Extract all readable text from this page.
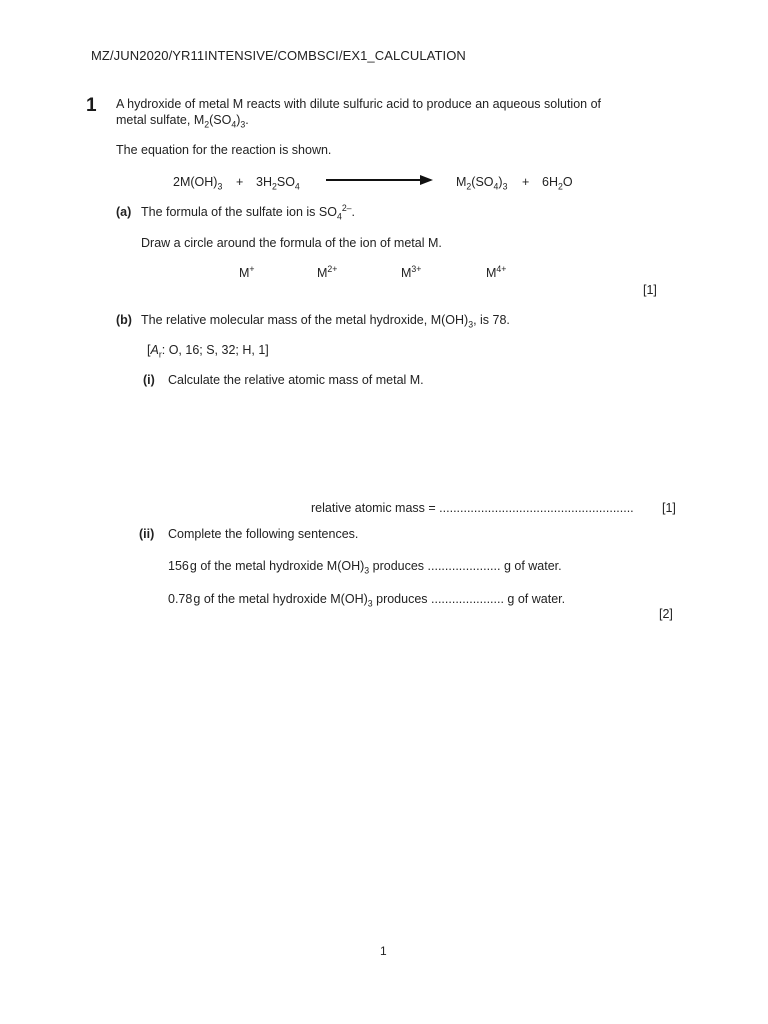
MZ/JUN2020/YR11INTENSIVE/COMBSCI/EX1_CALCULATION
1 A hydroxide of metal M reacts with dilute sulfuric acid to produce an aqueous solution of
metal sulfate, $M_2(SO_4)_3$.
The equation for the reaction is shown.
$2M(OH)_3 + 3H_2SO_4$	$M_2(SO_4)_3 + 6H_2O$
(a) The formula of the sulfate ion is $SO_4^{2-}$.
Draw a circle around the formula of the ion of metal M.
M+	$M^{2+}$	$M^{3+}$	$M^{4+}$
[1]
(b) The relative molecular mass of the metal hydroxide, $M(OH)_3$, is 78.
[$A_r$: O, 16; S, 32; H, 1]
(i) Calculate the relative atomic mass of metal M.
relative atomic mass = ........................................................ [1]
(ii) Complete the following sentences.
156 g of the metal hydroxide $M(OH)_3$ produces ..................... g of water.
0.78 g of the metal hydroxide $M(OH)_3$ produces ..................... g of water.
[2]
1
